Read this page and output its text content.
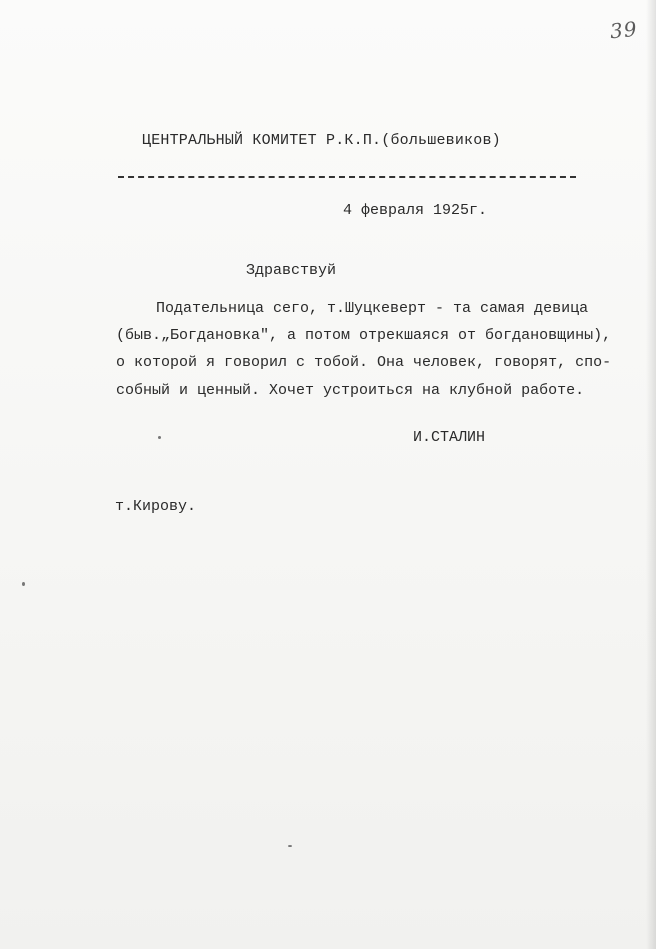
39
ЦЕНТРАЛЬНЫЙ КОМИТЕТ Р.К.П.(большевиков)
4 февраля 1925г.
Здравствуй
Подательница сего, т.Шуцкеверт - та самая девица
(быв.„Богдановка", а потом отрекшаяся от богдановщины),
о которой я говорил с тобой. Она человек, говорят, спо-
собный и ценный. Хочет устроиться на клубной работе.
И.СТАЛИН
т.Кирову.
